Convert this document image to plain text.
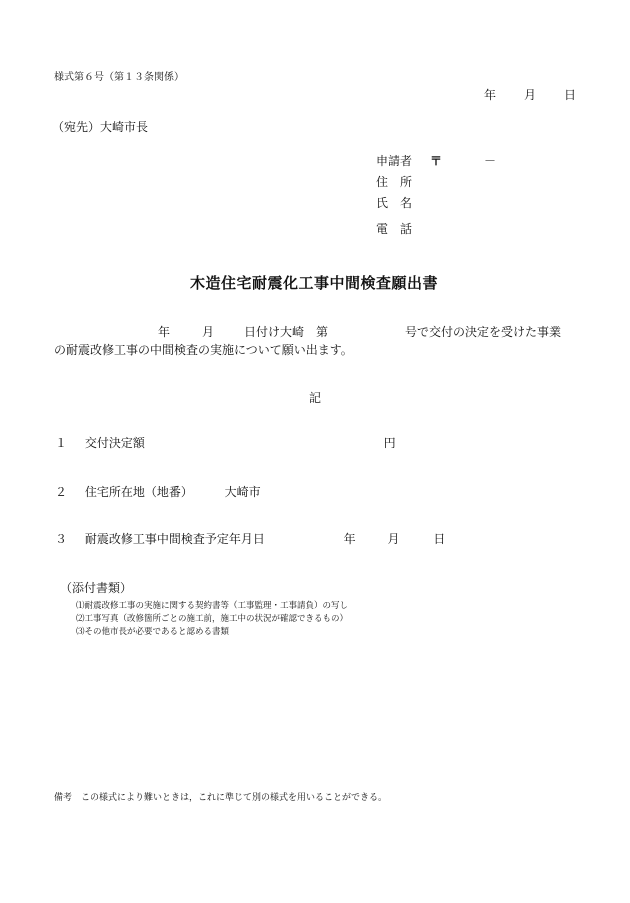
様式第６号（第１３条関係）
年 月 日
（宛先）大崎市長
申請者 〒	－
住　所
氏　名
電　話
木造住宅耐震化工事中間検査願出書
年	月 日付け大崎　第	号で交付の決定を受けた事業
の耐震改修工事の中間検査の実施について願い出ます。
記
１ 交付決定額	円
２ 住宅所在地（地番）	大崎市
３ 耐震改修工事中間検査予定年月日	年	月	日
（添付書類）
⑴耐震改修工事の実施に関する契約書等（工事監理・工事請負）の写し
⑵工事写真（改修箇所ごとの施工前，施工中の状況が確認できるもの）
⑶その他市長が必要であると認める書類
備考　この様式により難いときは，これに準じて別の様式を用いることができる。
